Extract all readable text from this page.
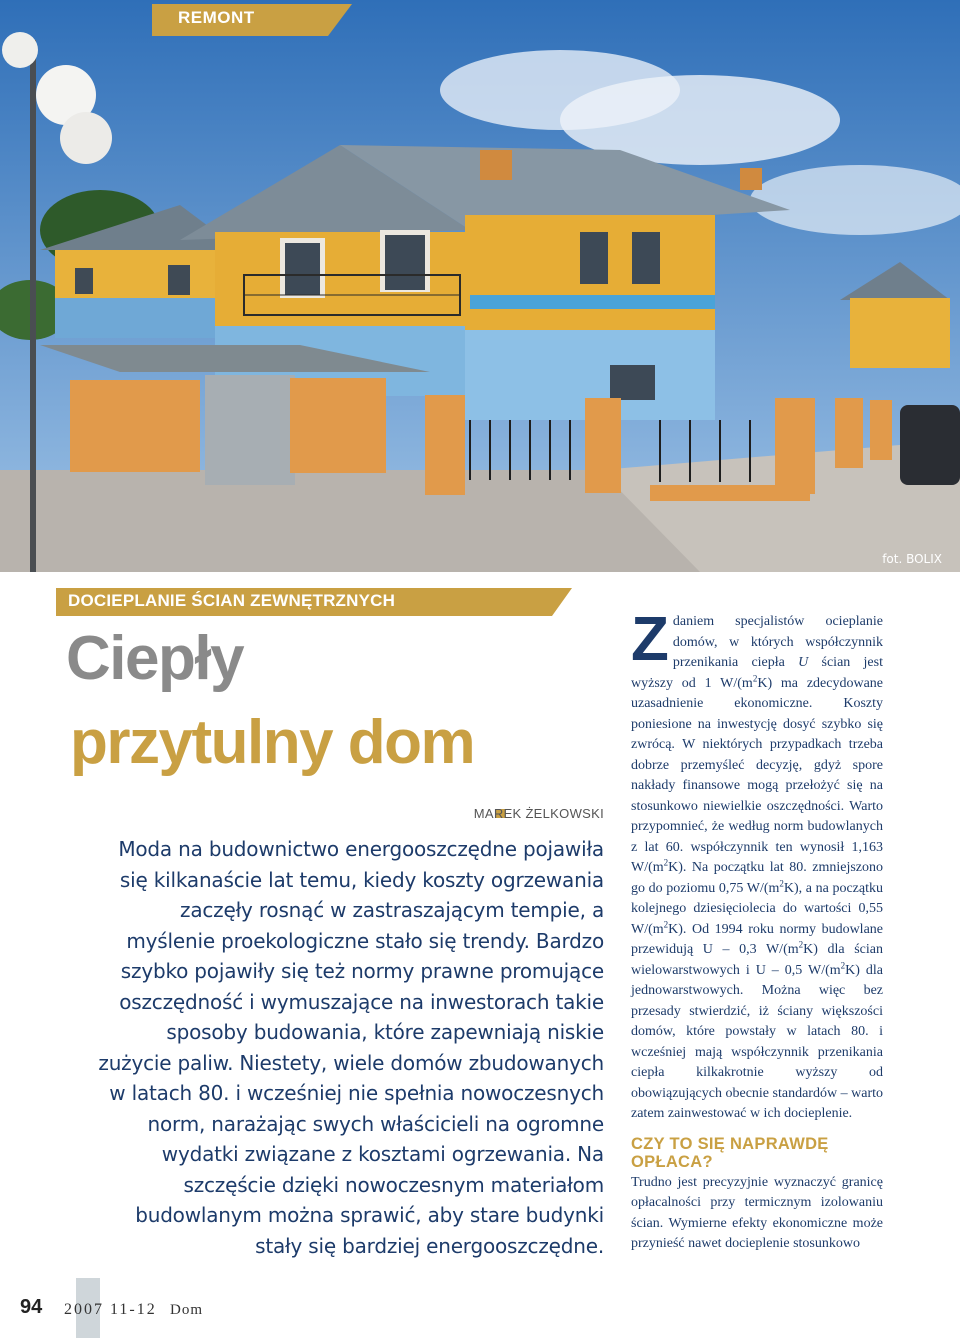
REMONT
fot. BOLIX
DOCIEPLANIE ŚCIAN ZEWNĘTRZNYCH
Ciepły
przytulny dom
MAREK ŻELKOWSKI
Moda na budownictwo energooszczędne pojawiła się kilkanaście lat temu, kiedy koszty ogrzewania zaczęły rosnąć w zastraszającym tempie, a myślenie proekologiczne stało się trendy. Bardzo szybko pojawiły się też normy prawne promujące oszczędność i wymuszające na inwestorach takie sposoby budowania, które zapewniają niskie zużycie paliw. Niestety, wiele domów zbudowanych w latach 80. i wcześniej nie spełnia nowoczesnych norm, narażając swych właścicieli na ogromne wydatki związane z kosztami ogrzewania. Na szczęście dzięki nowoczesnym materiałom budowlanym można sprawić, aby stare budynki stały się bardziej energooszczędne.

Zdaniem specjalistów ocieplanie domów, w których współczynnik przenikania ciepła U ścian jest wyższy od 1 $W/(m^2K)$ ma zdecydowane uzasadnienie ekonomiczne. Koszty poniesione na inwestycję dosyć szybko się zwrócą. W niektórych przypadkach trzeba dobrze przemyśleć decyzję, gdyż spore nakłady finansowe mogą przełożyć się na stosunkowo niewielkie oszczędności. Warto przypomnieć, że według norm budowlanych z lat 60. współczynnik ten wynosił 1,163 $W/(m^2K)$. Na początku lat 80. zmniejszono go do poziomu 0,75 $W/(m^2K)$, a na początku kolejnego dziesięciolecia do wartości 0,55 $W/(m^2K)$. Od 1994 roku normy budowlane przewidują U – 0,3 $W/(m^2K)$ dla ścian wielowarstwowych i U – 0,5 $W/(m^2K)$ dla jednowarstwowych. Można więc bez przesady stwierdzić, iż ściany większości domów, które powstały w latach 80. i wcześniej mają współczynnik przenikania ciepła kilkakrotnie wyższy od obowiązujących obecnie standardów – warto zatem zainwestować w ich docieplenie.

CZY TO SIĘ NAPRAWDĘ OPŁACA?

Trudno jest precyzyjnie wyznaczyć granicę opłacalności przy termicznym izolowaniu ścian. Wymierne efekty ekonomiczne może przynieść nawet docieplenie stosunkowo

94 2007 11-12 Dom
